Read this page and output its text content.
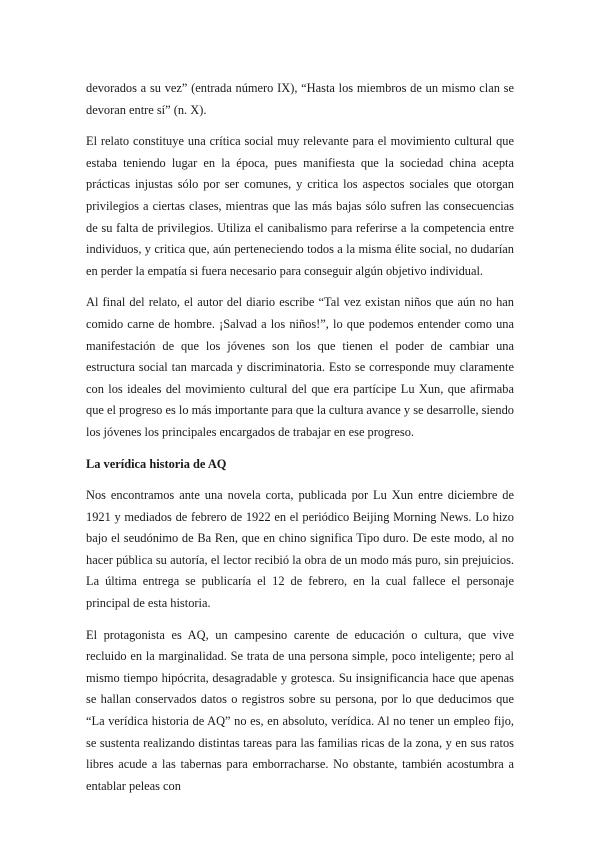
devorados a su vez” (entrada número IX), “Hasta los miembros de un mismo clan se devoran entre sí” (n. X).

El relato constituye una crítica social muy relevante para el movimiento cultural que estaba teniendo lugar en la época, pues manifiesta que la sociedad china acepta prácticas injustas sólo por ser comunes, y critica los aspectos sociales que otorgan privilegios a ciertas clases, mientras que las más bajas sólo sufren las consecuencias de su falta de privilegios. Utiliza el canibalismo para referirse a la competencia entre individuos, y critica que, aún perteneciendo todos a la misma élite social, no dudarían en perder la empatía si fuera necesario para conseguir algún objetivo individual.

Al final del relato, el autor del diario escribe “Tal vez existan niños que aún no han comido carne de hombre. ¡Salvad a los niños!”, lo que podemos entender como una manifestación de que los jóvenes son los que tienen el poder de cambiar una estructura social tan marcada y discriminatoria. Esto se corresponde muy claramente con los ideales del movimiento cultural del que era partícipe Lu Xun, que afirmaba que el progreso es lo más importante para que la cultura avance y se desarrolle, siendo los jóvenes los principales encargados de trabajar en ese progreso.

La verídica historia de AQ

Nos encontramos ante una novela corta, publicada por Lu Xun entre diciembre de 1921 y mediados de febrero de 1922 en el periódico Beijing Morning News. Lo hizo bajo el seudónimo de Ba Ren, que en chino significa Tipo duro. De este modo, al no hacer pública su autoría, el lector recibió la obra de un modo más puro, sin prejuicios. La última entrega se publicaría el 12 de febrero, en la cual fallece el personaje principal de esta historia.

El protagonista es AQ, un campesino carente de educación o cultura, que vive recluido en la marginalidad. Se trata de una persona simple, poco inteligente; pero al mismo tiempo hipócrita, desagradable y grotesca. Su insignificancia hace que apenas se hallan conservados datos o registros sobre su persona, por lo que deducimos que “La verídica historia de AQ” no es, en absoluto, verídica. Al no tener un empleo fijo, se sustenta realizando distintas tareas para las familias ricas de la zona, y en sus ratos libres acude a las tabernas para emborracharse. No obstante, también acostumbra a entablar peleas con
